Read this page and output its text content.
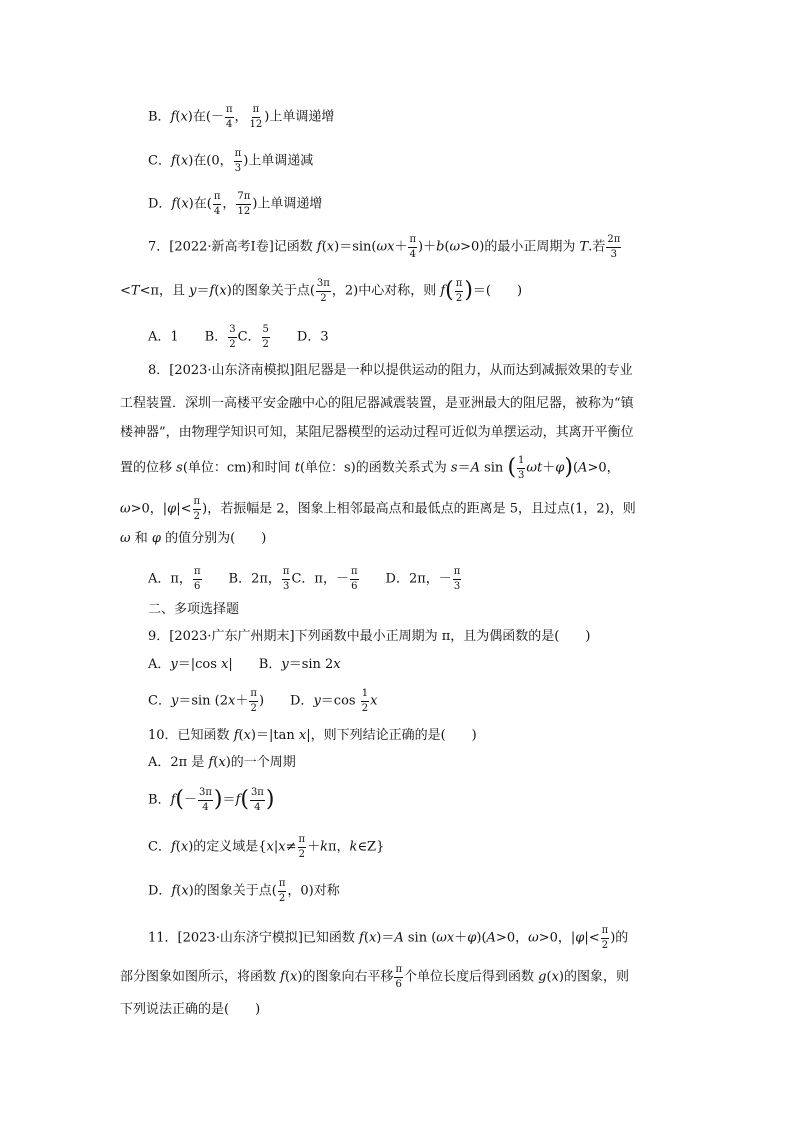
B．f(x)在(－ $\frac{\pi}{4}$ ， $\frac{\pi}{12}$ )上单调递增
C．f(x)在(0， $\frac{\pi}{3}$ )上单调递减
D．f(x)在( $\frac{\pi}{4}$ ， $\frac{7\pi}{12}$ )上单调递增
7．[2022·新高考Ⅰ卷]记函数 $f(x)=\sin(\omega x+ \frac{\pi}{4} )+b(\omega>0)$的最小正周期为 T.若 $\frac{2\pi}{3}$
<T<π，且 y＝f(x)的图象关于点( $\frac{3\pi}{2}$ ，2)中心对称，则 $f( \frac{\pi}{2}$ )＝(　　)
A．1　　B． $\frac{3}{2}$ C． $\frac{5}{2}$ 　　D．3
8．[2023·山东济南模拟]阻尼器是一种以提供运动的阻力，从而达到减振效果的专业
工程装置．深圳一高楼平安金融中心的阻尼器减震装置，是亚洲最大的阻尼器，被称为“镇
楼神器”，由物理学知识可知，某阻尼器模型的运动过程可近似为单摆运动，其离开平衡位
置的位移 s(单位：cm)和时间 t(单位：s)的函数关系式为 s＝A sin ( $\frac{1}{3} \omega t+\varphi)(A>0$，
ω>0，$|\varphi|< \frac{\pi}{2}$ )，若振幅是 2，图象上相邻最高点和最低点的距离是 5，且过点(1，2)，则
ω 和 φ 的值分别为(　　)
A．π， $\frac{\pi}{6}$ 　　B．2π， $\frac{\pi}{3}$ C．π，－ $\frac{\pi}{6}$ 　　D．2π，－ $\frac{\pi}{3}$
二、多项选择题
9．[2023·广东广州期末]下列函数中最小正周期为 π，且为偶函数的是(　　)
A．y＝|cos x|　　B．y＝sin 2x
C．y＝sin ($2x+ \frac{\pi}{2}$ )　　D．$y=\cos \frac{1}{2}$ x
10．已知函数 f(x)＝|tan x|，则下列结论正确的是(　　)
A．2π 是 f(x)的一个周期
B．$f(- \frac{3\pi}{4} )=f( \frac{3\pi}{4}$ )
C．f(x)的定义域是{$x|x\ne \frac{\pi}{2} +k\pi$，k∈Z}
D．f(x)的图象关于点( $\frac{\pi}{2}$ ，0)对称
11．[2023·山东济宁模拟]已知函数 f(x)＝A sin (ωx＋φ)(A>0，ω>0，$|\varphi|< \frac{\pi}{2}$ )的
部分图象如图所示，将函数 f(x)的图象向右平移 $\frac{\pi}{6}$ 个单位长度后得到函数 g(x)的图象，则
下列说法正确的是(　　)
